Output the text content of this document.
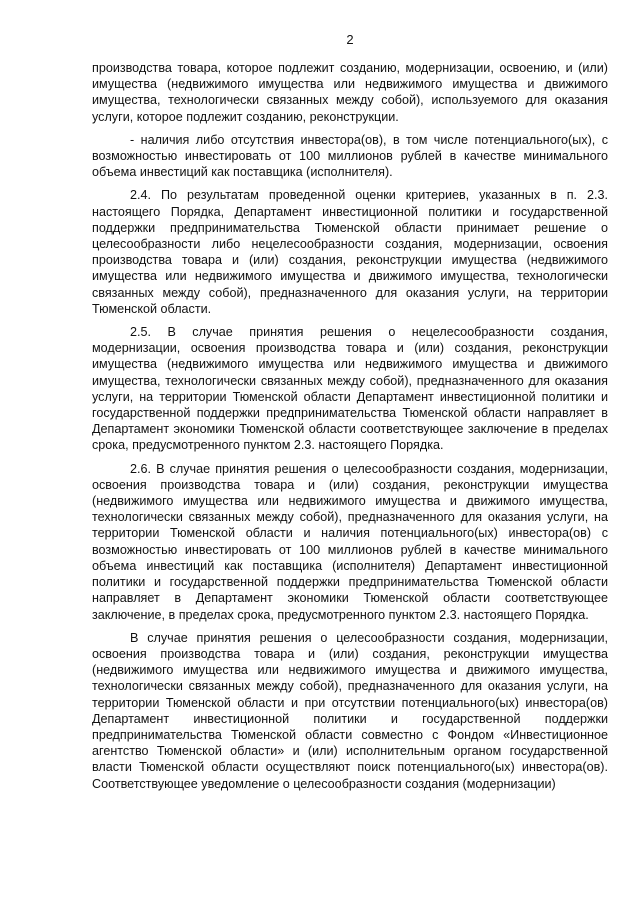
2

производства товара, которое подлежит созданию, модернизации, освоению, и (или) имущества (недвижимого имущества или недвижимого имущества и движимого имущества, технологически связанных между собой), используемого для оказания услуги, которое подлежит созданию, реконструкции.

- наличия либо отсутствия инвестора(ов), в том числе потенциального(ых), с возможностью инвестировать от 100 миллионов рублей в качестве минимального объема инвестиций как поставщика (исполнителя).

2.4. По результатам проведенной оценки критериев, указанных в п. 2.3. настоящего Порядка, Департамент инвестиционной политики и государственной поддержки предпринимательства Тюменской области принимает решение о целесообразности либо нецелесообразности создания, модернизации, освоения производства товара и (или) создания, реконструкции имущества (недвижимого имущества или недвижимого имущества и движимого имущества, технологически связанных между собой), предназначенного для оказания услуги, на территории Тюменской области.

2.5. В случае принятия решения о нецелесообразности создания, модернизации, освоения производства товара и (или) создания, реконструкции имущества (недвижимого имущества или недвижимого имущества и движимого имущества, технологически связанных между собой), предназначенного для оказания услуги, на территории Тюменской области Департамент инвестиционной политики и государственной поддержки предпринимательства Тюменской области направляет в Департамент экономики Тюменской области соответствующее заключение в пределах срока, предусмотренного пунктом 2.3. настоящего Порядка.

2.6. В случае принятия решения о целесообразности создания, модернизации, освоения производства товара и (или) создания, реконструкции имущества (недвижимого имущества или недвижимого имущества и движимого имущества, технологически связанных между собой), предназначенного для оказания услуги, на территории Тюменской области и наличия потенциального(ых) инвестора(ов) с возможностью инвестировать от 100 миллионов рублей в качестве минимального объема инвестиций как поставщика (исполнителя) Департамент инвестиционной политики и государственной поддержки предпринимательства Тюменской области направляет в Департамент экономики Тюменской области соответствующее заключение, в пределах срока, предусмотренного пунктом 2.3. настоящего Порядка.

В случае принятия решения о целесообразности создания, модернизации, освоения производства товара и (или) создания, реконструкции имущества (недвижимого имущества или недвижимого имущества и движимого имущества, технологически связанных между собой), предназначенного для оказания услуги, на территории Тюменской области и при отсутствии потенциального(ых) инвестора(ов) Департамент инвестиционной политики и государственной поддержки предпринимательства Тюменской области совместно с Фондом «Инвестиционное агентство Тюменской области» и (или) исполнительным органом государственной власти Тюменской области осуществляют поиск потенциального(ых) инвестора(ов). Соответствующее уведомление о целесообразности создания (модернизации)
